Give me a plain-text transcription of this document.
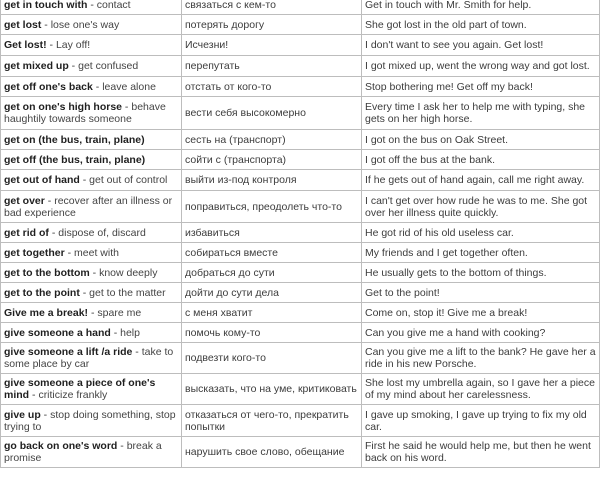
get in touch with - contact	связаться с кем-то	Get in touch with Mr. Smith for help.
get lost - lose one's way	потерять дорогу	She got lost in the old part of town.
Get lost! - Lay off!	Исчезни!	I don't want to see you again. Get lost!
get mixed up - get confused	перепутать	I got mixed up, went the wrong way and got lost.
get off one's back - leave alone	отстать от кого-то	Stop bothering me! Get off my back!
get on one's high horse - behave haughtily towards someone	вести себя высокомерно	Every time I ask her to help me with typing, she gets on her high horse.
get on (the bus, train, plane)	сесть на (транспорт)	I got on the bus on Oak Street.
get off (the bus, train, plane)	сойти с (транспорта)	I got off the bus at the bank.
get out of hand - get out of control	выйти из-под контроля	If he gets out of hand again, call me right away.
get over - recover after an illness or bad experience	поправиться, преодолеть что-то	I can't get over how rude he was to me. She got over her illness quite quickly.
get rid of - dispose of, discard	избавиться	He got rid of his old useless car.
get together - meet with	собираться вместе	My friends and I get together often.
get to the bottom - know deeply	добраться до сути	He usually gets to the bottom of things.
get to the point - get to the matter	дойти до сути дела	Get to the point!
Give me a break! - spare me	с меня хватит	Come on, stop it! Give me a break!
give someone a hand - help	помочь кому-то	Can you give me a hand with cooking?
give someone a lift /a ride - take to some place by car	подвезти кого-то	Can you give me a lift to the bank? He gave her a ride in his new Porsche.
give someone a piece of one's mind - criticize frankly	высказать, что на уме, критиковать	She lost my umbrella again, so I gave her a piece of my mind about her carelessness.
give up - stop doing something, stop trying to	отказаться от чего-то, прекратить попытки	I gave up smoking, I gave up trying to fix my old car.
go back on one's word - break a promise	нарушить свое слово, обещание	First he said he would help me, but then he went back on his word.
